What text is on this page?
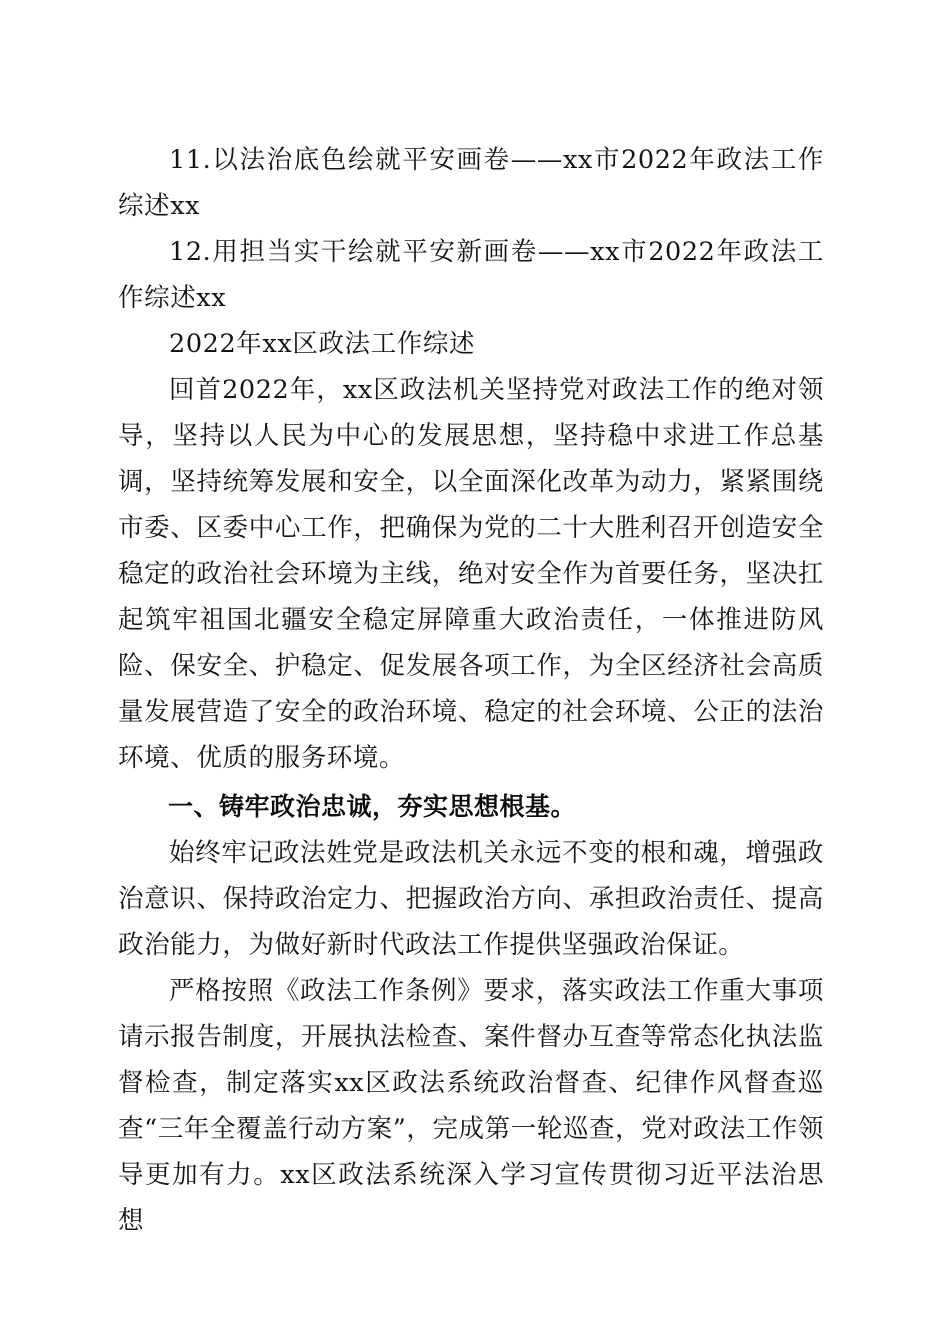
11.以法治底色绘就平安画卷——xx市2022年政法工作综述xx

12.用担当实干绘就平安新画卷——xx市2022年政法工作综述xx

2022年xx区政法工作综述

回首2022年，xx区政法机关坚持党对政法工作的绝对领导，坚持以人民为中心的发展思想，坚持稳中求进工作总基调，坚持统筹发展和安全，以全面深化改革为动力，紧紧围绕市委、区委中心工作，把确保为党的二十大胜利召开创造安全稳定的政治社会环境为主线，绝对安全作为首要任务，坚决扛起筑牢祖国北疆安全稳定屏障重大政治责任，一体推进防风险、保安全、护稳定、促发展各项工作，为全区经济社会高质量发展营造了安全的政治环境、稳定的社会环境、公正的法治环境、优质的服务环境。

一、铸牢政治忠诚，夯实思想根基。

始终牢记政法姓党是政法机关永远不变的根和魂，增强政治意识、保持政治定力、把握政治方向、承担政治责任、提高政治能力，为做好新时代政法工作提供坚强政治保证。

严格按照《政法工作条例》要求，落实政法工作重大事项请示报告制度，开展执法检查、案件督办互查等常态化执法监督检查，制定落实xx区政法系统政治督查、纪律作风督查巡查“三年全覆盖行动方案”，完成第一轮巡查，党对政法工作领导更加有力。xx区政法系统深入学习宣传贯彻习近平法治思想
